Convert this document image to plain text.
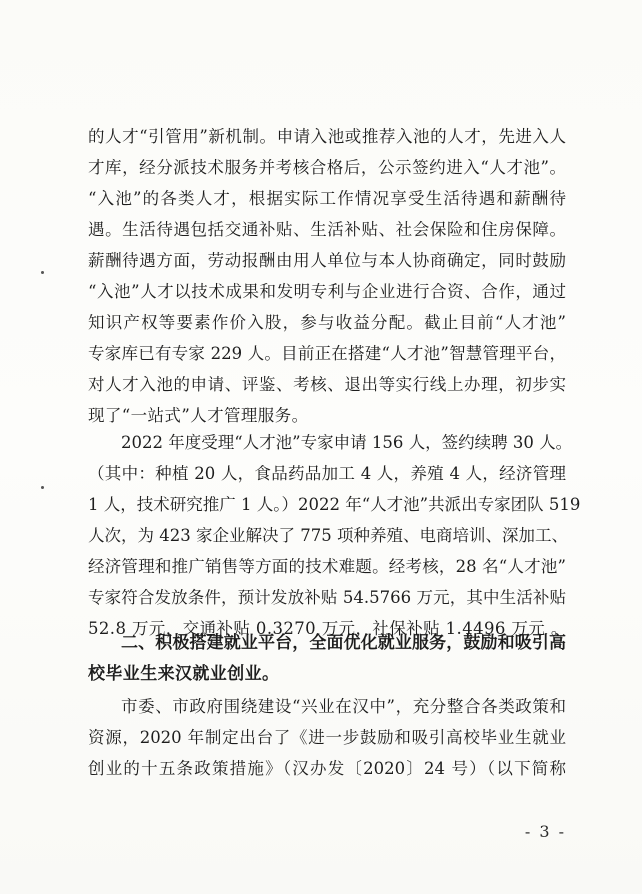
的人才“引管用”新机制。申请入池或推荐入池的人才，先进入人
才库，经分派技术服务并考核合格后，公示签约进入“人才池”。
“入池”的各类人才，根据实际工作情况享受生活待遇和薪酬待
遇。生活待遇包括交通补贴、生活补贴、社会保险和住房保障。
薪酬待遇方面，劳动报酬由用人单位与本人协商确定，同时鼓励
“入池”人才以技术成果和发明专利与企业进行合资、合作，通过
知识产权等要素作价入股，参与收益分配。截止目前“人才池”
专家库已有专家 229 人。目前正在搭建“人才池”智慧管理平台，
对人才入池的申请、评鉴、考核、退出等实行线上办理，初步实
现了“一站式”人才管理服务。
2022 年度受理“人才池”专家申请 156 人，签约续聘 30 人。
（其中：种植 20 人，食品药品加工 4 人，养殖 4 人，经济管理
1 人，技术研究推广 1 人。）2022 年“人才池”共派出专家团队 519
人次，为 423 家企业解决了 775 项种养殖、电商培训、深加工、
经济管理和推广销售等方面的技术难题。经考核，28 名“人才池”
专家符合发放条件，预计发放补贴 54.5766 万元，其中生活补贴
52.8 万元，交通补贴 0.3270 万元，社保补贴 1.4496 万元 。
二、积极搭建就业平台，全面优化就业服务，鼓励和吸引高
校毕业生来汉就业创业。
市委、市政府围绕建设“兴业在汉中”，充分整合各类政策和
资源，2020 年制定出台了《进一步鼓励和吸引高校毕业生就业
创业的十五条政策措施》（汉办发〔2020〕24 号）（以下简称
- 3 -
